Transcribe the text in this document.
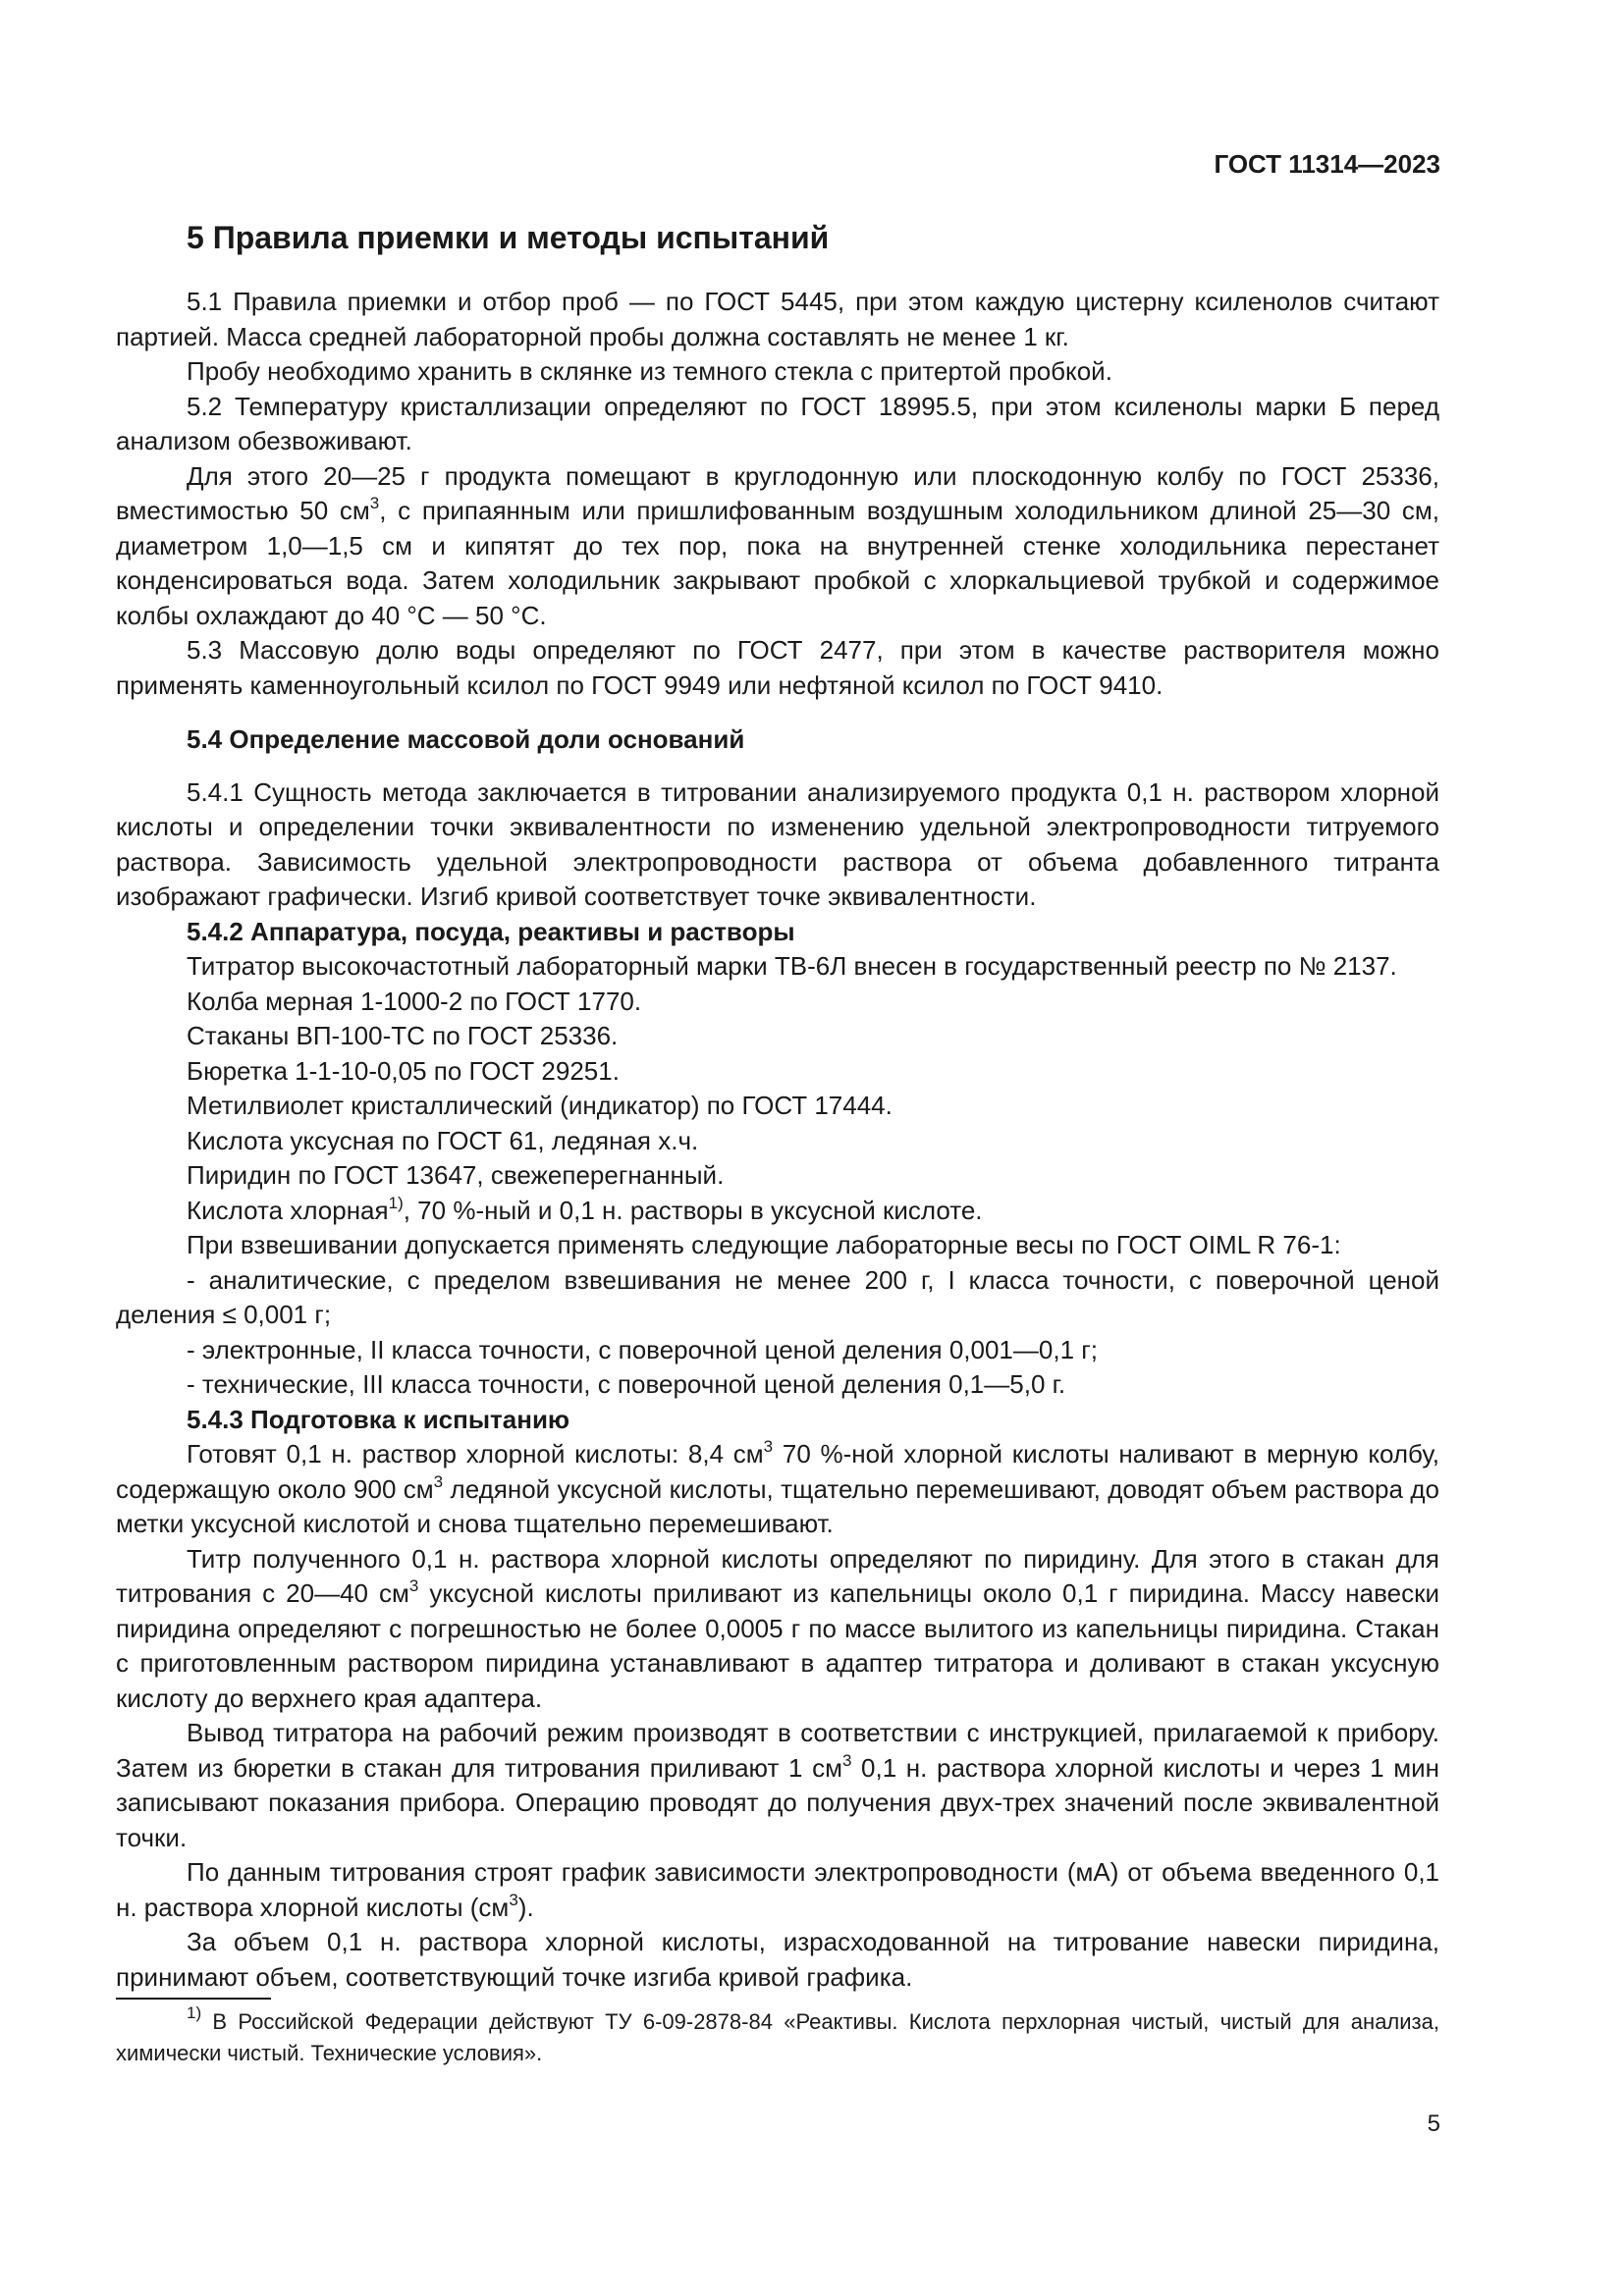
ГОСТ 11314—2023
5 Правила приемки и методы испытаний

5.1 Правила приемки и отбор проб — по ГОСТ 5445, при этом каждую цистерну ксиленолов считают партией. Масса средней лабораторной пробы должна составлять не менее 1 кг.

Пробу необходимо хранить в склянке из темного стекла с притертой пробкой.

5.2 Температуру кристаллизации определяют по ГОСТ 18995.5, при этом ксиленолы марки Б перед анализом обезвоживают.

Для этого 20—25 г продукта помещают в круглодонную или плоскодонную колбу по ГОСТ 25336, вместимостью 50 $см^3$, с припаянным или пришлифованным воздушным холодильником длиной 25—30 см, диаметром 1,0—1,5 см и кипятят до тех пор, пока на внутренней стенке холодильника перестанет конденсироваться вода. Затем холодильник закрывают пробкой с хлоркальциевой трубкой и содержимое колбы охлаждают до 40 °С — 50 °С.

5.3 Массовую долю воды определяют по ГОСТ 2477, при этом в качестве растворителя можно применять каменноугольный ксилол по ГОСТ 9949 или нефтяной ксилол по ГОСТ 9410.

5.4 Определение массовой доли оснований

5.4.1 Сущность метода заключается в титровании анализируемого продукта 0,1 н. раствором хлорной кислоты и определении точки эквивалентности по изменению удельной электропроводности титруемого раствора. Зависимость удельной электропроводности раствора от объема добавленного титранта изображают графически. Изгиб кривой соответствует точке эквивалентности.

5.4.2 Аппаратура, посуда, реактивы и растворы

Титратор высокочастотный лабораторный марки ТВ-6Л внесен в государственный реестр по № 2137.

Колба мерная 1-1000-2 по ГОСТ 1770.

Стаканы ВП-100-ТС по ГОСТ 25336.

Бюретка 1-1-10-0,05 по ГОСТ 29251.

Метилвиолет кристаллический (индикатор) по ГОСТ 17444.

Кислота уксусная по ГОСТ 61, ледяная х.ч.

Пиридин по ГОСТ 13647, свежеперегнанный.

Кислота хлорная$^{1)}$, 70 %-ный и 0,1 н. растворы в уксусной кислоте.

При взвешивании допускается применять следующие лабораторные весы по ГОСТ OIML R 76-1:

- аналитические, с пределом взвешивания не менее 200 г, I класса точности, с поверочной ценой деления ≤ 0,001 г;

- электронные, II класса точности, с поверочной ценой деления 0,001—0,1 г;

- технические, III класса точности, с поверочной ценой деления 0,1—5,0 г.

5.4.3 Подготовка к испытанию

Готовят 0,1 н. раствор хлорной кислоты: 8,4 $см^3$ 70 %-ной хлорной кислоты наливают в мерную колбу, содержащую около 900 $см^3$ ледяной уксусной кислоты, тщательно перемешивают, доводят объем раствора до метки уксусной кислотой и снова тщательно перемешивают.

Титр полученного 0,1 н. раствора хлорной кислоты определяют по пиридину. Для этого в стакан для титрования с 20—40 $см^3$ уксусной кислоты приливают из капельницы около 0,1 г пиридина. Массу навески пиридина определяют с погрешностью не более 0,0005 г по массе вылитого из капельницы пиридина. Стакан с приготовленным раствором пиридина устанавливают в адаптер титратора и доливают в стакан уксусную кислоту до верхнего края адаптера.

Вывод титратора на рабочий режим производят в соответствии с инструкцией, прилагаемой к прибору. Затем из бюретки в стакан для титрования приливают 1 $см^3$ 0,1 н. раствора хлорной кислоты и через 1 мин записывают показания прибора. Операцию проводят до получения двух-трех значений после эквивалентной точки.

По данным титрования строят график зависимости электропроводности (мА) от объема введенного 0,1 н. раствора хлорной кислоты $(см^3)$.

За объем 0,1 н. раствора хлорной кислоты, израсходованной на титрование навески пиридина, принимают объем, соответствующий точке изгиба кривой графика.

$^{1)}$ В Российской Федерации действуют ТУ 6-09-2878-84 «Реактивы. Кислота перхлорная чистый, чистый для анализа, химически чистый. Технические условия».
5
